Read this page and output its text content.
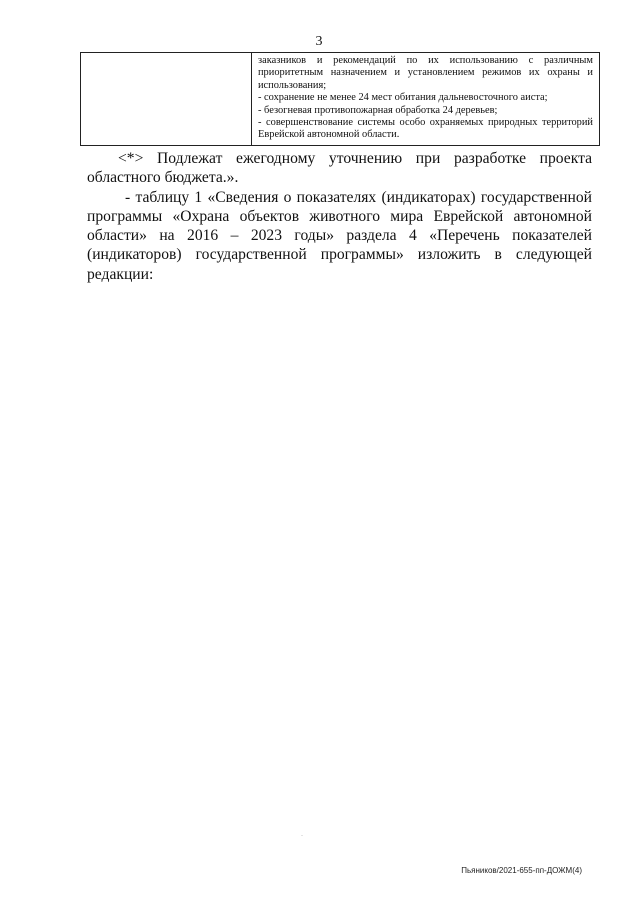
3

заказников и рекомендаций по их использованию с различным приоритетным назначением и установлением режимов их охраны и использования;
- сохранение не менее 24 мест обитания дальневосточного аиста;
- безогневая противопожарная обработка 24 деревьев;
- совершенствование системы особо охраняемых природных территорий Еврейской автономной области.

<*> Подлежат ежегодному уточнению при разработке проекта областного бюджета.».

- таблицу 1 «Сведения о показателях (индикаторах) государственной программы «Охрана объектов животного мира Еврейской автономной области» на 2016 – 2023 годы» раздела 4 «Перечень показателей (индикаторов) государственной программы» изложить в следующей редакции:

.
Пьяников/2021-655-пп-ДОЖМ(4)
